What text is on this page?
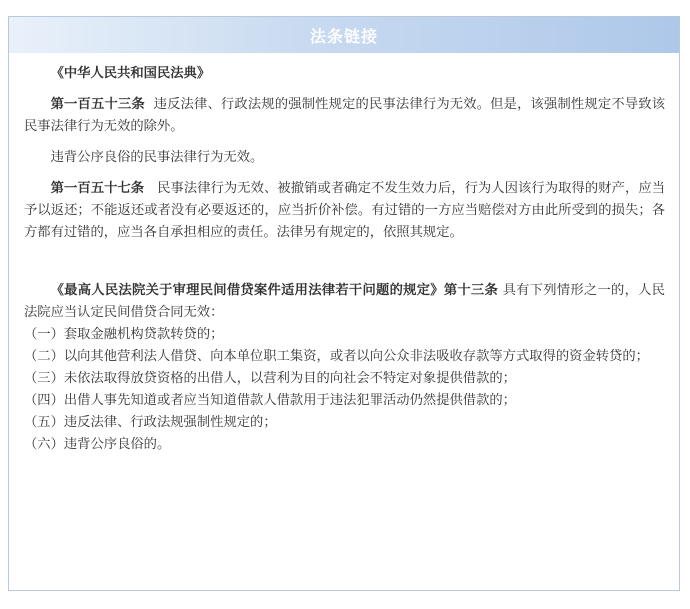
法条链接

《中华人民共和国民法典》

第一百五十三条 违反法律、行政法规的强制性规定的民事法律行为无效。但是，该强制性规定不导致该民事法律行为无效的除外。

违背公序良俗的民事法律行为无效。

第一百五十七条 民事法律行为无效、被撤销或者确定不发生效力后，行为人因该行为取得的财产，应当予以返还；不能返还或者没有必要返还的，应当折价补偿。有过错的一方应当赔偿对方由此所受到的损失；各方都有过错的，应当各自承担相应的责任。法律另有规定的，依照其规定。

《最高人民法院关于审理民间借贷案件适用法律若干问题的规定》第十三条 具有下列情形之一的，人民法院应当认定民间借贷合同无效：

（一）套取金融机构贷款转贷的；

（二）以向其他营利法人借贷、向本单位职工集资，或者以向公众非法吸收存款等方式取得的资金转贷的；

（三）未依法取得放贷资格的出借人，以营利为目的向社会不特定对象提供借款的；

（四）出借人事先知道或者应当知道借款人借款用于违法犯罪活动仍然提供借款的；

（五）违反法律、行政法规强制性规定的；

（六）违背公序良俗的。
